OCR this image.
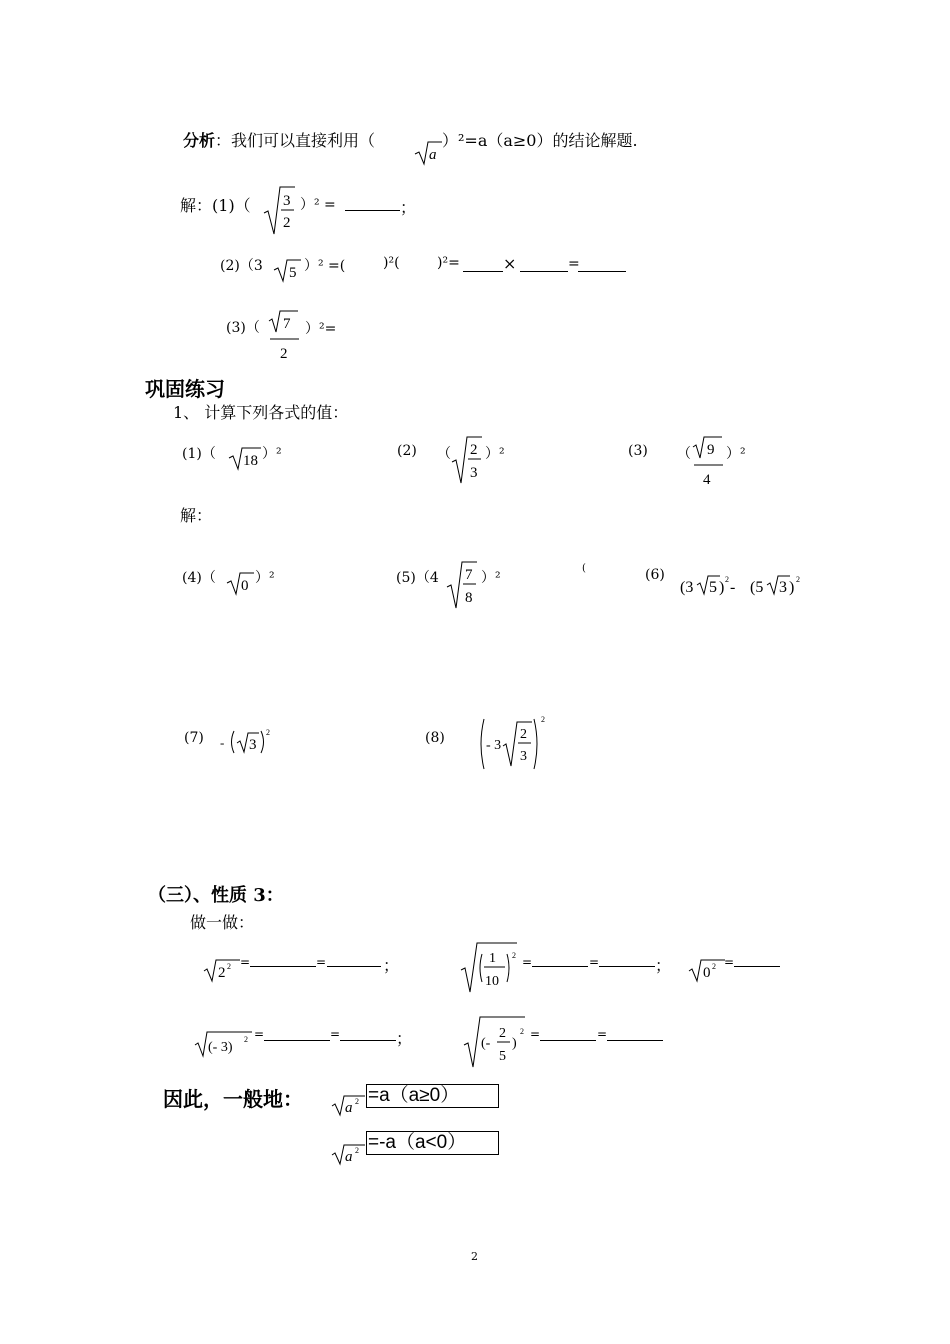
分析：我们可以直接利用（
a
）²=a（a≥0）的结论解题.
解：(1)（ 3
2
）² =	；
(2)（3 5 ）² =(	)²(	)²=	×	=
(3)（ 7
2
）²=
巩固练习
1、 计算下列各式的值：
(1)（ 18 ）²	(2) （ 2
3
）²	(3) （ 9
4
）²
解：
(4)（ 0 ）²	(5)（4 7
8
）²
(	(6)
(3 5 ) 2 - (5 3 ) 2
(7) - 3
2	(8)	- 3
2
3
2
（三）、性质 3：
做一做：
2 2 =	=	；	1
10
2 =	=	； 0 2 =
(- 3)
2 =	=	；	(-
2
5
)
2 =	=
因此，一般地：	a 2 =a（a≥0）
a 2 =-a（a<0）
2
